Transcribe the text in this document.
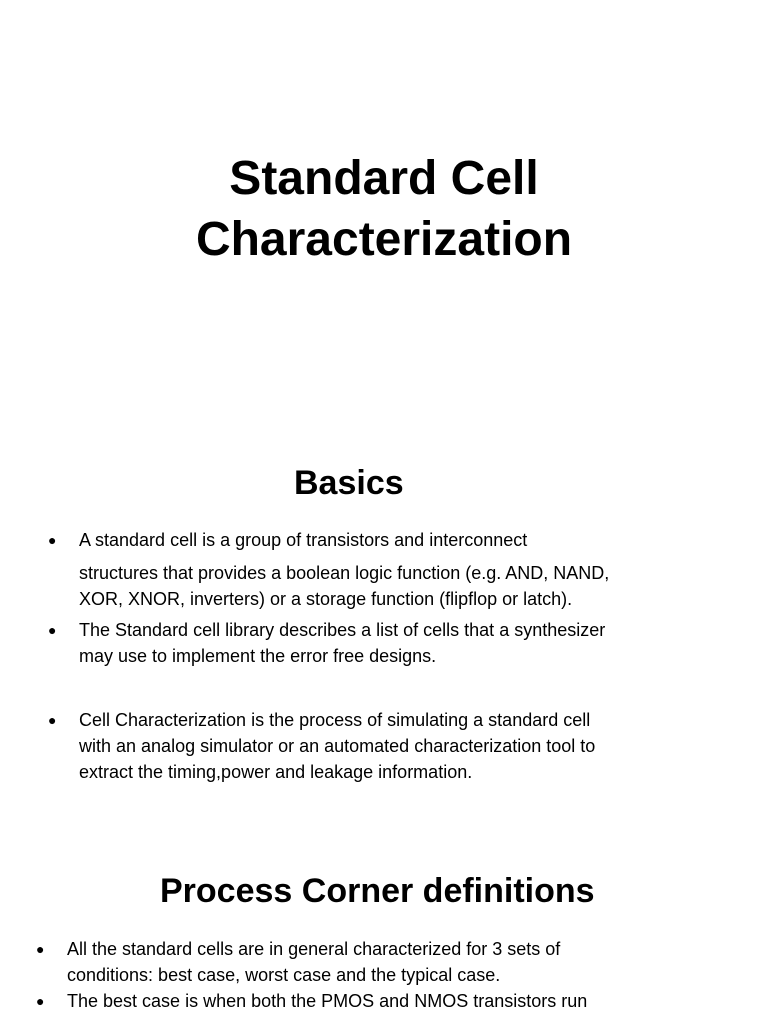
Standard Cell
Characterization
Basics
● A standard cell is a group of transistors and interconnect
structures that provides a boolean logic function (e.g. AND, NAND,
XOR, XNOR, inverters) or a storage function (flipflop or latch).
● The Standard cell library describes a list of cells that a synthesizer
may use to implement the error free designs.
● Cell Characterization is the process of simulating a standard cell
with an analog simulator or an automated characterization tool to
extract the timing,power and leakage information.
Process Corner definitions
● All the standard cells are in general characterized for 3 sets of
conditions: best case, worst case and the typical case.
● The best case is when both the PMOS and NMOS transistors run
